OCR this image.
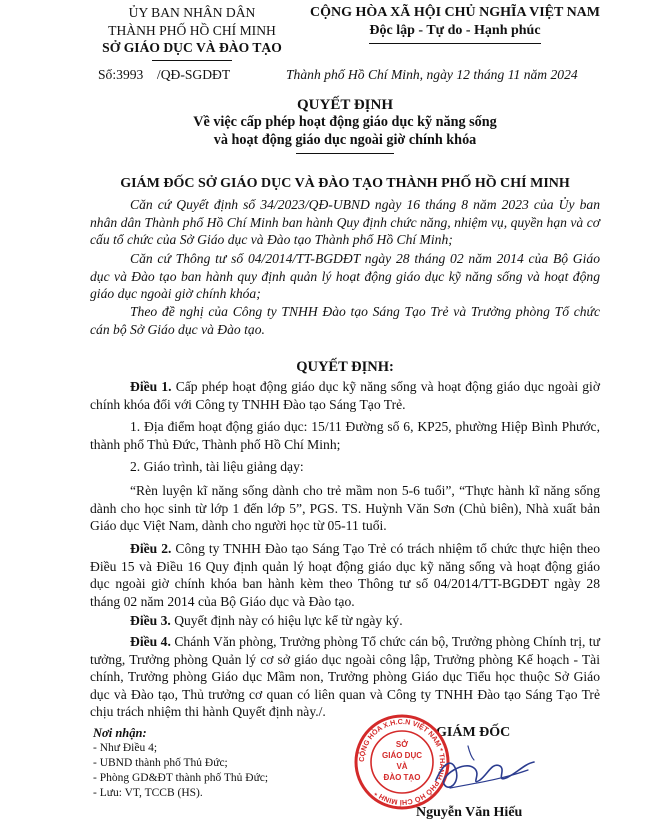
ỦY BAN NHÂN DÂN
THÀNH PHỐ HỒ CHÍ MINH
SỞ GIÁO DỤC VÀ ĐÀO TẠO
CỘNG HÒA XÃ HỘI CHỦ NGHĨA VIỆT NAM
Độc lập - Tự do - Hạnh phúc
Số:3993 /QĐ-SGDĐT	Thành phố Hồ Chí Minh, ngày 12 tháng 11 năm 2024
QUYẾT ĐỊNH
Về việc cấp phép hoạt động giáo dục kỹ năng sống
và hoạt động giáo dục ngoài giờ chính khóa
GIÁM ĐỐC SỞ GIÁO DỤC VÀ ĐÀO TẠO THÀNH PHỐ HỒ CHÍ MINH
Căn cứ Quyết định số 34/2023/QĐ-UBND ngày 16 tháng 8 năm 2023 của Ủy ban nhân dân Thành phố Hồ Chí Minh ban hành Quy định chức năng, nhiệm vụ, quyền hạn và cơ cấu tổ chức của Sở Giáo dục và Đào tạo Thành phố Hồ Chí Minh;
Căn cứ Thông tư số 04/2014/TT-BGDĐT ngày 28 tháng 02 năm 2014 của Bộ Giáo dục và Đào tạo ban hành quy định quản lý hoạt động giáo dục kỹ năng sống và hoạt động giáo dục ngoài giờ chính khóa;
Theo đề nghị của Công ty TNHH Đào tạo Sáng Tạo Trẻ và Trưởng phòng Tổ chức cán bộ Sở Giáo dục và Đào tạo.
QUYẾT ĐỊNH:
Điều 1. Cấp phép hoạt động giáo dục kỹ năng sống và hoạt động giáo dục ngoài giờ chính khóa đối với Công ty TNHH Đào tạo Sáng Tạo Trẻ.
1. Địa điểm hoạt động giáo dục: 15/11 Đường số 6, KP25, phường Hiệp Bình Phước, thành phố Thủ Đức, Thành phố Hồ Chí Minh;
2. Giáo trình, tài liệu giảng dạy:
“Rèn luyện kĩ năng sống dành cho trẻ mầm non 5-6 tuổi”, “Thực hành kĩ năng sống dành cho học sinh từ lớp 1 đến lớp 5”, PGS. TS. Huỳnh Văn Sơn (Chủ biên), Nhà xuất bản Giáo dục Việt Nam, dành cho người học từ 05-11 tuổi.
Điều 2. Công ty TNHH Đào tạo Sáng Tạo Trẻ có trách nhiệm tổ chức thực hiện theo Điều 15 và Điều 16 Quy định quản lý hoạt động giáo dục kỹ năng sống và hoạt động giáo dục ngoài giờ chính khóa ban hành kèm theo Thông tư số 04/2014/TT-BGDĐT ngày 28 tháng 02 năm 2014 của Bộ Giáo dục và Đào tạo.
Điều 3. Quyết định này có hiệu lực kể từ ngày ký.
Điều 4. Chánh Văn phòng, Trưởng phòng Tổ chức cán bộ, Trưởng phòng Chính trị, tư tưởng, Trưởng phòng Quản lý cơ sở giáo dục ngoài công lập, Trưởng phòng Kế hoạch - Tài chính, Trưởng phòng Giáo dục Mầm non, Trưởng phòng Giáo dục Tiểu học thuộc Sở Giáo dục và Đào tạo, Thủ trưởng cơ quan có liên quan và Công ty TNHH Đào tạo Sáng Tạo Trẻ chịu trách nhiệm thi hành Quyết định này./.
Nơi nhận:
- Như Điều 4;
- UBND thành phố Thủ Đức;
- Phòng GD&ĐT thành phố Thủ Đức;
- Lưu: VT, TCCB (HS).
GIÁM ĐỐC
Nguyễn Văn Hiếu
CỘNG HÒA X.H.C.N VIỆT NAM * THÀNH PHỐ HỒ CHÍ MINH *
SỞ
GIÁO DỤC
VÀ
ĐÀO TẠO
